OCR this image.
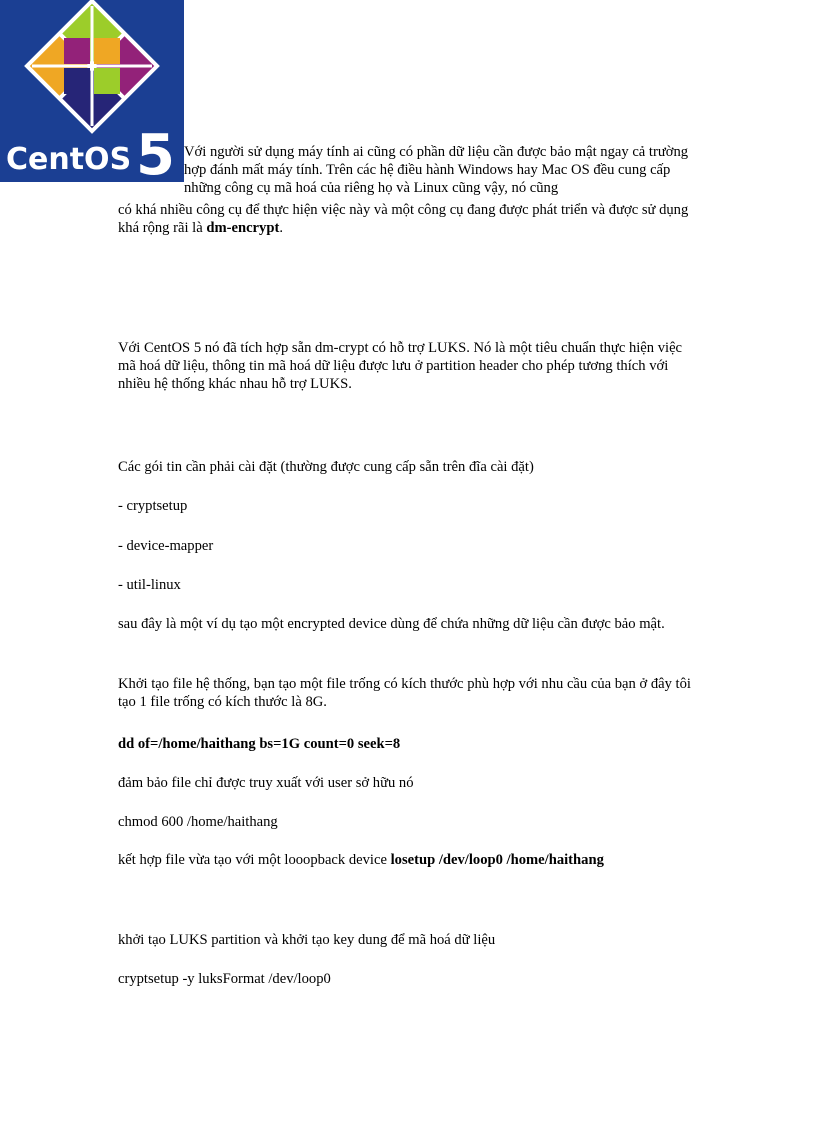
CentOS 5 Với người sử dụng máy tính ai cũng có phần dữ liệu cần được bảo mật ngay cả trường hợp đánh mất máy tính. Trên các hệ điều hành Windows hay Mac OS đều cung cấp những công cụ mã hoá của riêng họ và Linux cũng vậy, nó cũng

có khá nhiều công cụ để thực hiện việc này và một công cụ đang được phát triển và được sử dụng khá rộng rãi là dm-encrypt.

Với CentOS 5 nó đã tích hợp sẵn dm-crypt có hỗ trợ LUKS. Nó là một tiêu chuẩn thực hiện việc mã hoá dữ liệu, thông tin mã hoá dữ liệu được lưu ở partition header cho phép tương thích với nhiều hệ thống khác nhau hỗ trợ LUKS.

Các gói tin cần phải cài đặt (thường được cung cấp sẵn trên đĩa cài đặt)

- cryptsetup

- device-mapper

- util-linux

sau đây là một ví dụ tạo một encrypted device dùng để chứa những dữ liệu cần được bảo mật.

Khởi tạo file hệ thống, bạn tạo một file trống có kích thước phù hợp với nhu cầu của bạn ở đây tôi tạo 1 file trống có kích thước là 8G.

dd of=/home/haithang bs=1G count=0 seek=8

đảm bảo file chỉ được truy xuất với user sở hữu nó

chmod 600 /home/haithang

kết hợp file vừa tạo với một looopback device losetup /dev/loop0 /home/haithang

khởi tạo LUKS partition và khởi tạo key dung để mã hoá dữ liệu

cryptsetup -y luksFormat /dev/loop0
